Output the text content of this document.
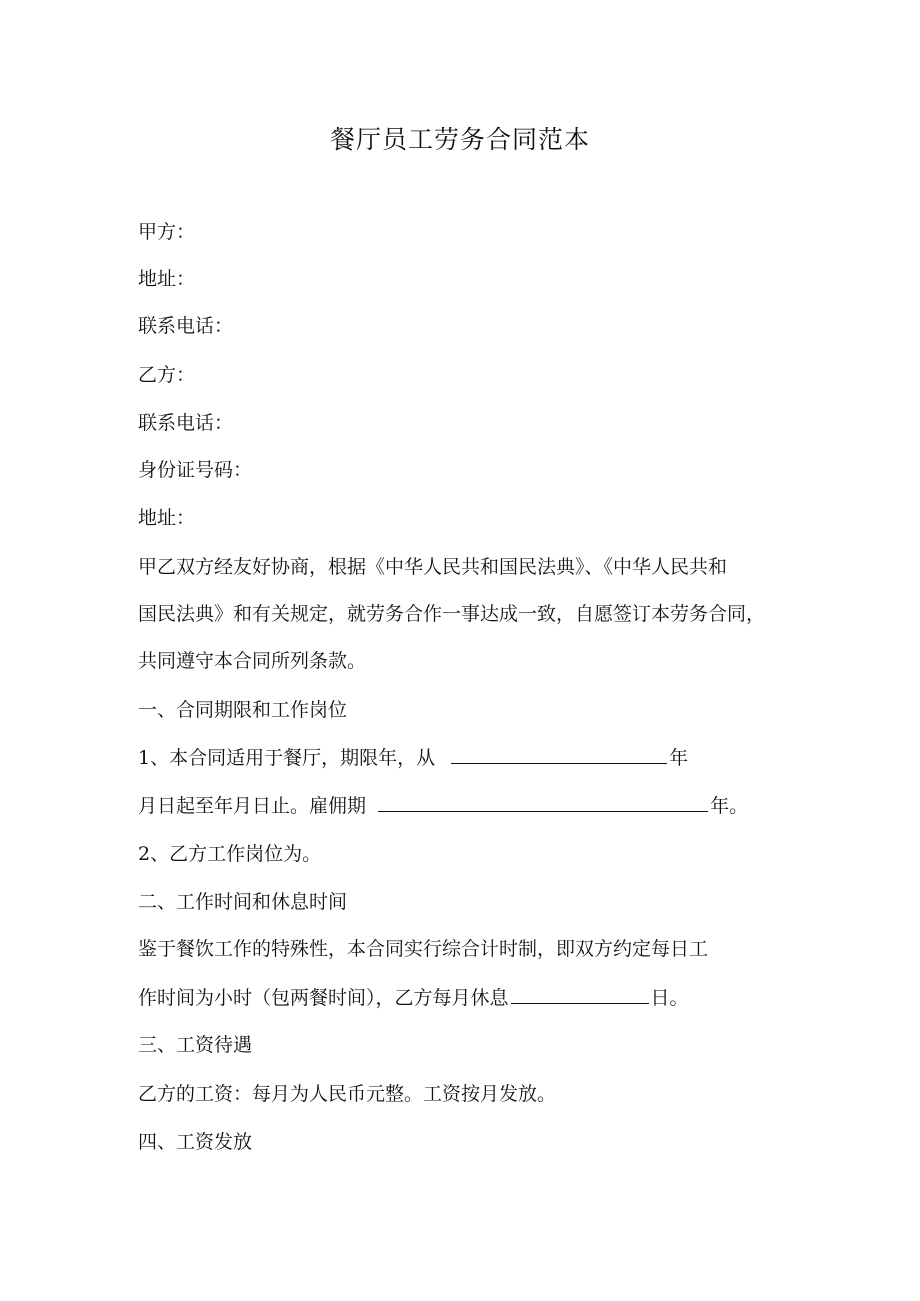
餐厅员工劳务合同范本
甲方：
地址：
联系电话：
乙方：
联系电话：
身份证号码：
地址：
甲乙双方经友好协商，根据《中华人民共和国民法典》、《中华人民共和
国民法典》和有关规定，就劳务合作一事达成一致，自愿签订本劳务合同，
共同遵守本合同所列条款。
一、合同期限和工作岗位
1、本合同适用于餐厅，期限年，从	年
月日起至年月日止。雇佣期	年。
2、乙方工作岗位为。
二、工作时间和休息时间
鉴于餐饮工作的特殊性，本合同实行综合计时制，即双方约定每日工
作时间为小时（包两餐时间），乙方每月休息	日。
三、工资待遇
乙方的工资：每月为人民币元整。工资按月发放。
四、工资发放
